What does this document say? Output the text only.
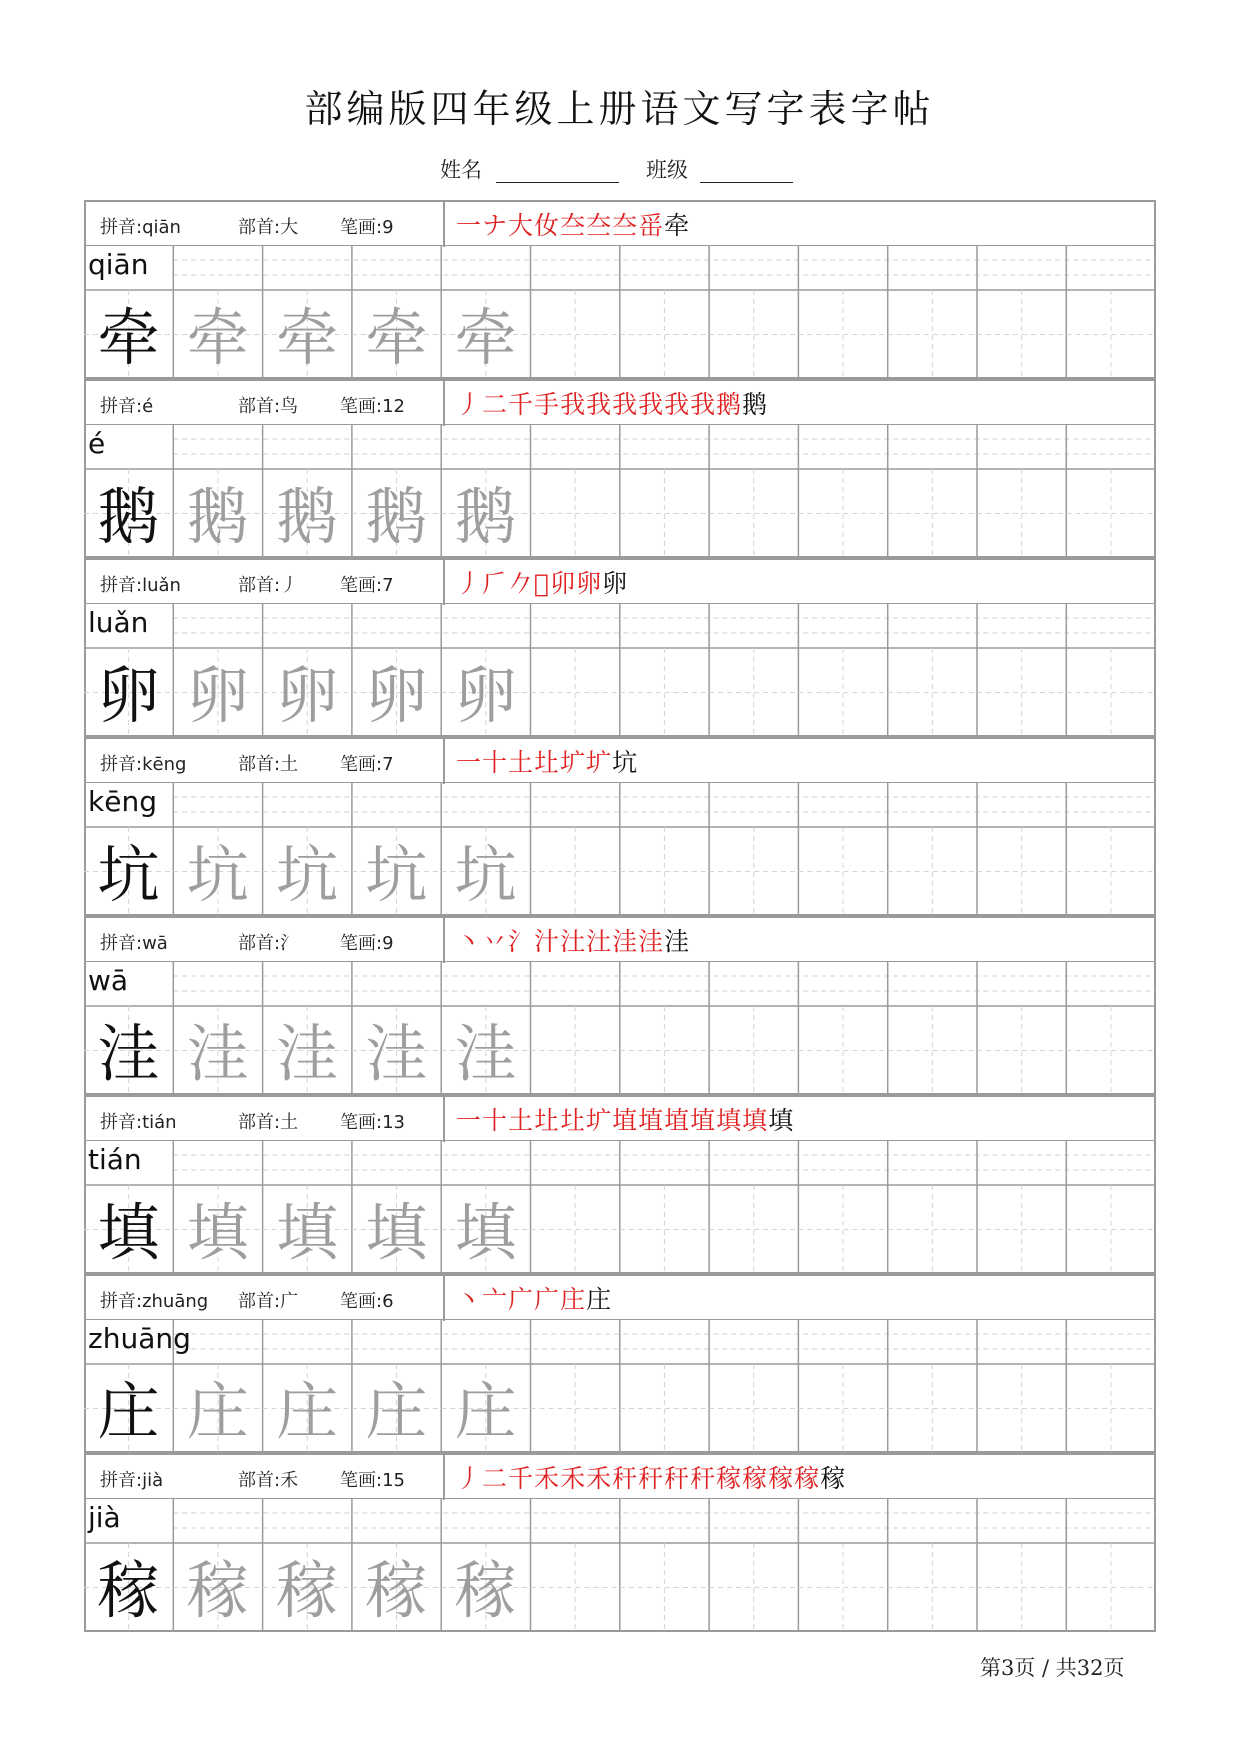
部编版四年级上册语文写字表字帖
姓名	班级
拼音:qiān	部首:大 笔画:9 一ナ大㚢夳夳夳䍃牵
qiān
牵 牵 牵 牵 牵
拼音:é	部首:鸟 笔画:12 丿二千手我我我我我我鹅鹅
é
鹅 鹅 鹅 鹅 鹅
拼音:luǎn	部首:丿 笔画:7 丿𠂆𠂊𠂋卯卵卵
luǎn
卵 卵 卵 卵 卵
拼音:kēng	部首:土 笔画:7 一十土圵圹圹坑
kēng
坑 坑 坑 坑 坑
拼音:wā	部首:氵 笔画:9 丶丷氵汁汢汢洼洼洼
wā
洼 洼 洼 洼 洼
拼音:tián	部首:土 笔画:13 一十土圵圵圹埴埴埴埴填填填
tián
填 填 填 填 填
拼音:zhuāng 部首:广 笔画:6 丶亠广广庄庄
zhuāng
庄 庄 庄 庄 庄
拼音:jià	部首:禾 笔画:15 丿二千禾禾禾秆秆秆秆稼稼稼稼稼
jià
稼 稼 稼 稼 稼
第3页 / 共32页
